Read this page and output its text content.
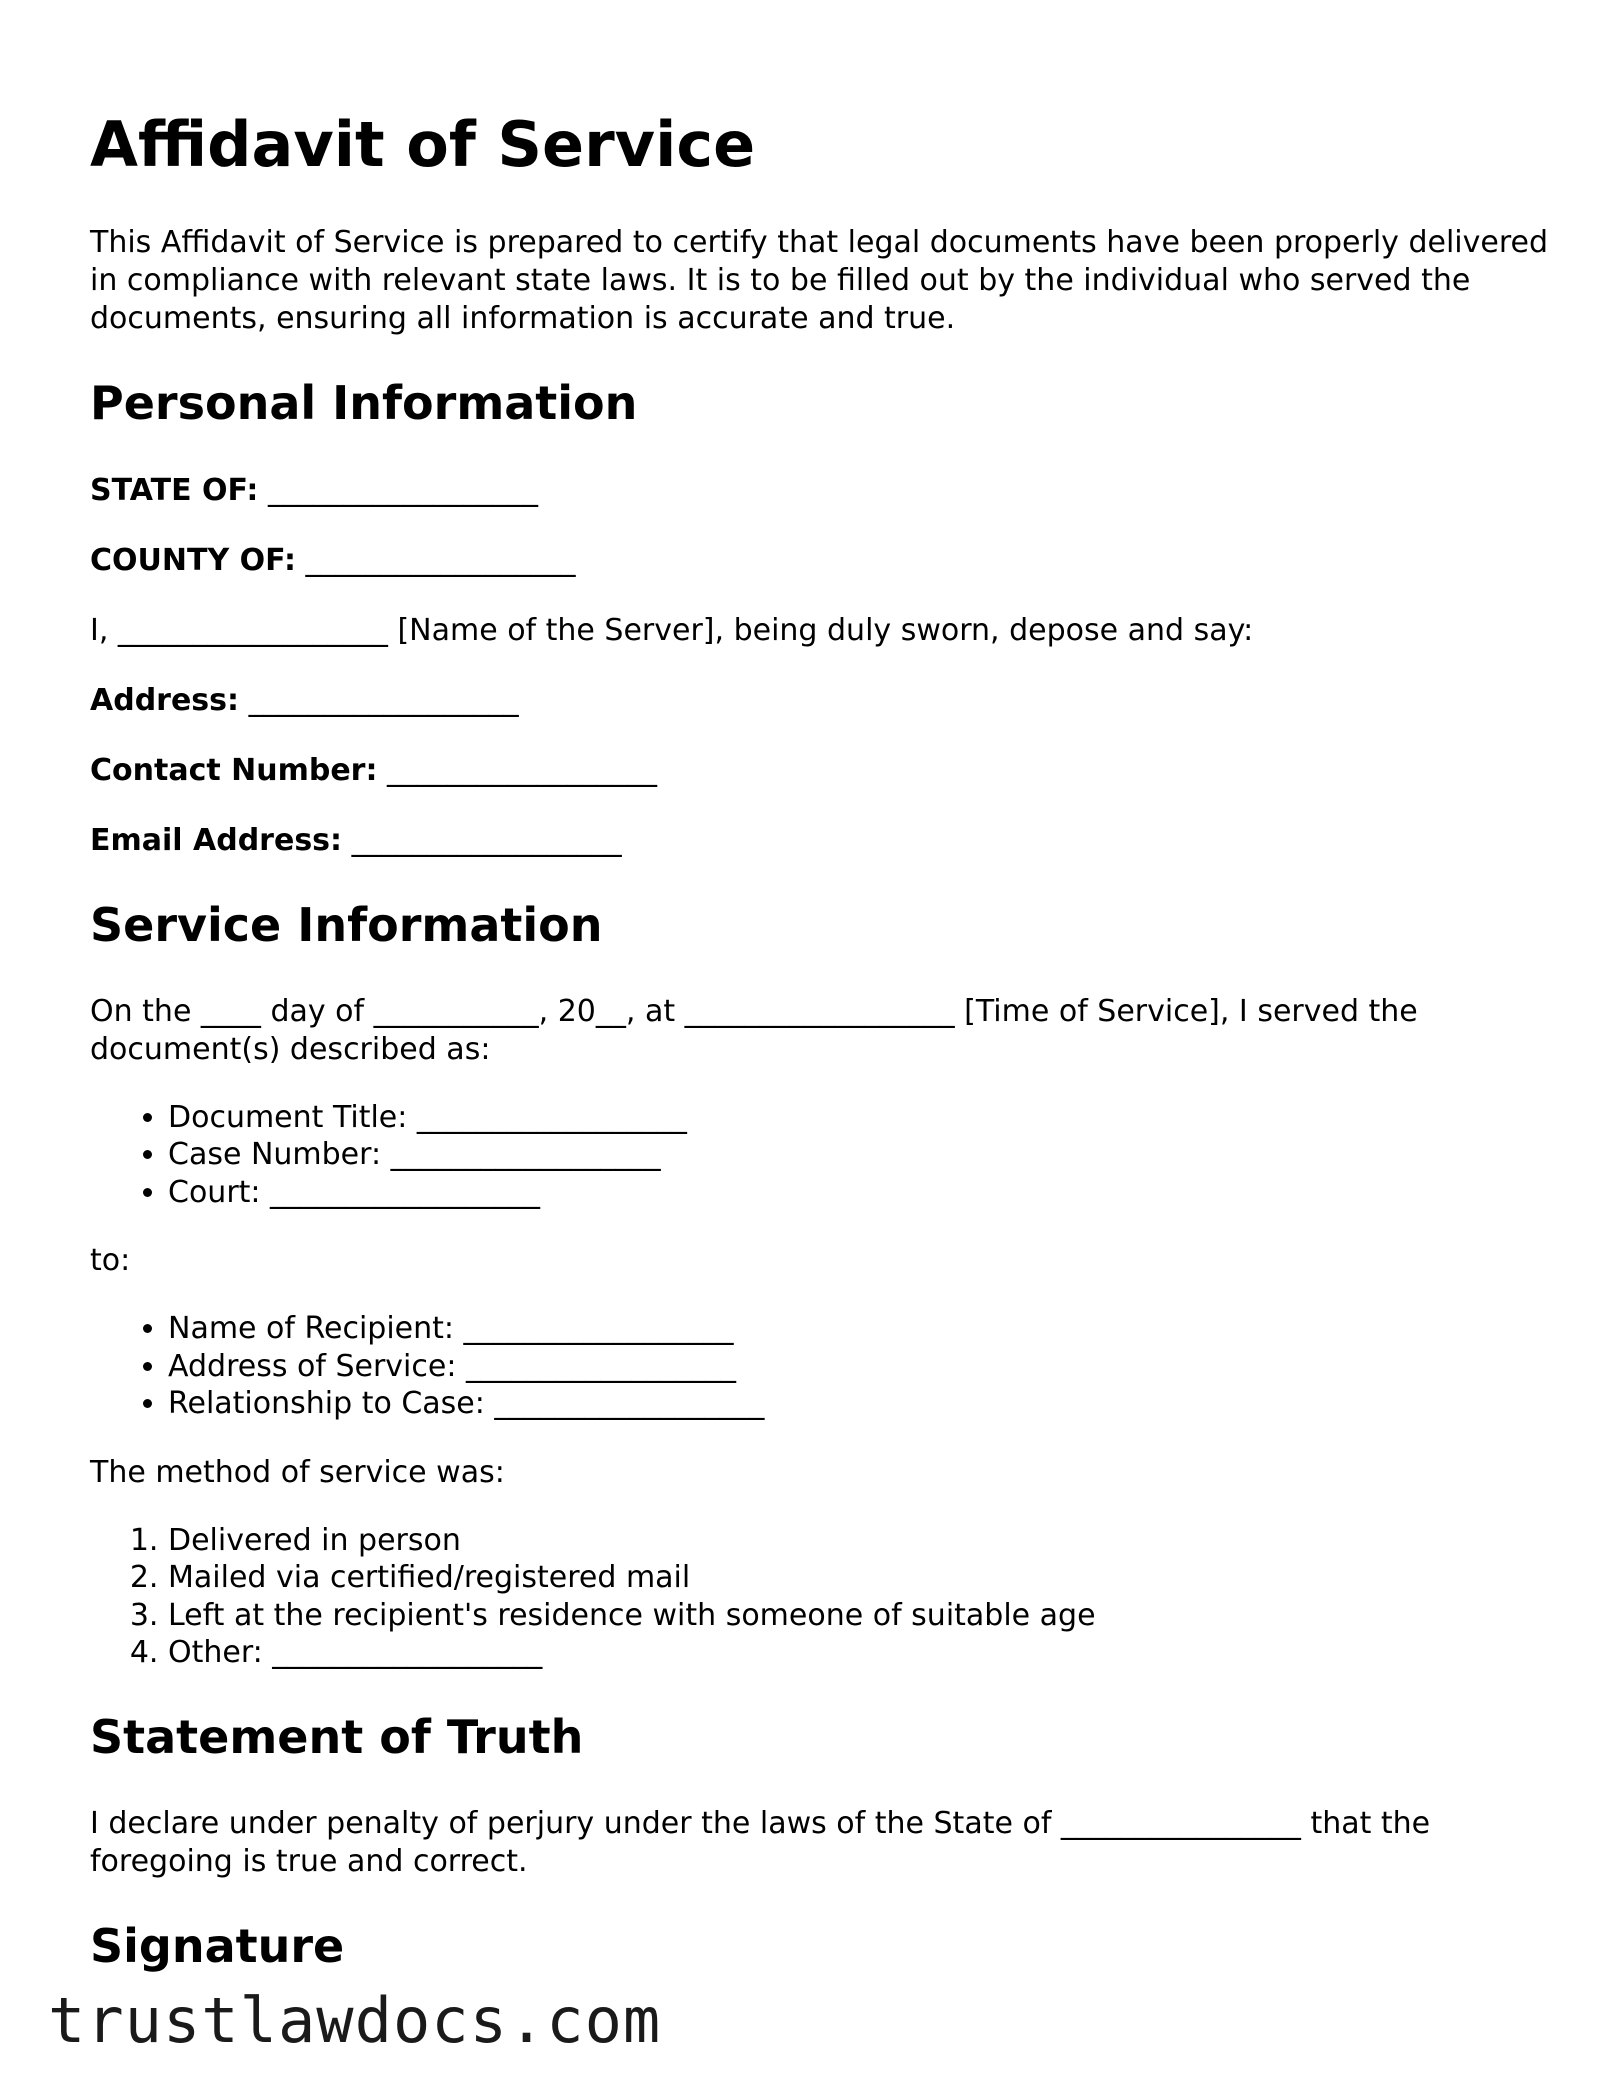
Affidavit of Service

This Affidavit of Service is prepared to certify that legal documents have been properly delivered in compliance with relevant state laws. It is to be filled out by the individual who served the documents, ensuring all information is accurate and true.

Personal Information

STATE OF: __________________

COUNTY OF: __________________

I, __________________ [Name of the Server], being duly sworn, depose and say:

Address: __________________

Contact Number: __________________

Email Address: __________________

Service Information

On the ____ day of ___________, 20__, at __________________ [Time of Service], I served the document(s) described as:

• Document Title: __________________
• Case Number: __________________
• Court: __________________

to:

• Name of Recipient: __________________
• Address of Service: __________________
• Relationship to Case: __________________

The method of service was:

1. Delivered in person
2. Mailed via certified/registered mail
3. Left at the recipient's residence with someone of suitable age
4. Other: __________________
Statement of Truth

I declare under penalty of perjury under the laws of the State of ________________ that the foregoing is true and correct.

Signature
trustlawdocs.com
